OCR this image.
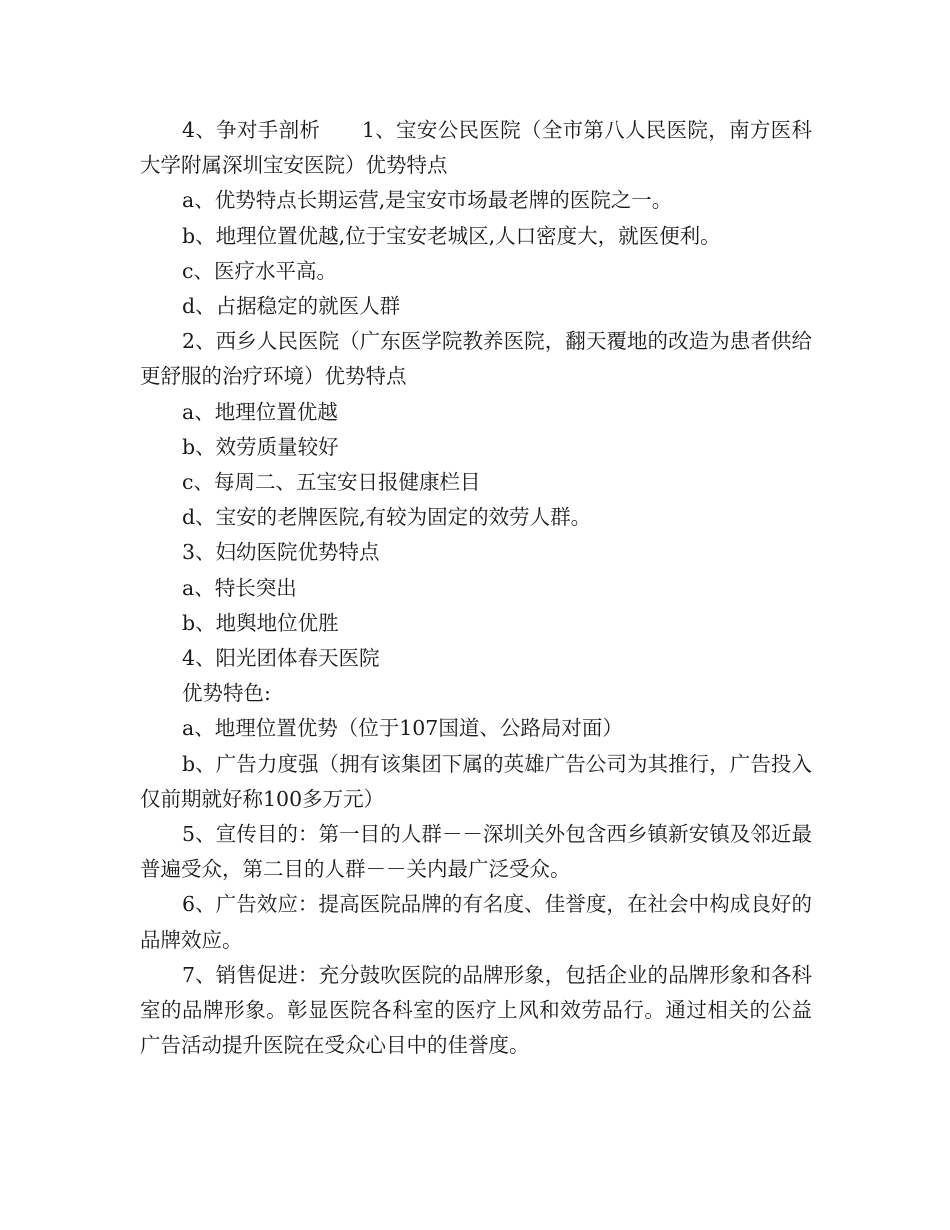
4、争对手剖析　　1、宝安公民医院（全市第八人民医院，南方医科大学附属深圳宝安医院）优势特点

a、优势特点长期运营,是宝安市场最老牌的医院之一。

b、地理位置优越,位于宝安老城区,人口密度大，就医便利。

c、医疗水平高。

d、占据稳定的就医人群

2、西乡人民医院（广东医学院教养医院，翻天覆地的改造为患者供给更舒服的治疗环境）优势特点

a、地理位置优越

b、效劳质量较好

c、每周二、五宝安日报健康栏目

d、宝安的老牌医院,有较为固定的效劳人群。

3、妇幼医院优势特点

a、特长突出

b、地舆地位优胜

4、阳光团体春天医院

优势特色:

a、地理位置优势（位于107国道、公路局对面）

b、广告力度强（拥有该集团下属的英雄广告公司为其推行，广告投入仅前期就好称100多万元）

5、宣传目的：第一目的人群－－深圳关外包含西乡镇新安镇及邻近最普遍受众，第二目的人群－－关内最广泛受众。

6、广告效应：提高医院品牌的有名度、佳誉度，在社会中构成良好的品牌效应。

7、销售促进：充分鼓吹医院的品牌形象，包括企业的品牌形象和各科室的品牌形象。彰显医院各科室的医疗上风和效劳品行。通过相关的公益广告活动提升医院在受众心目中的佳誉度。
